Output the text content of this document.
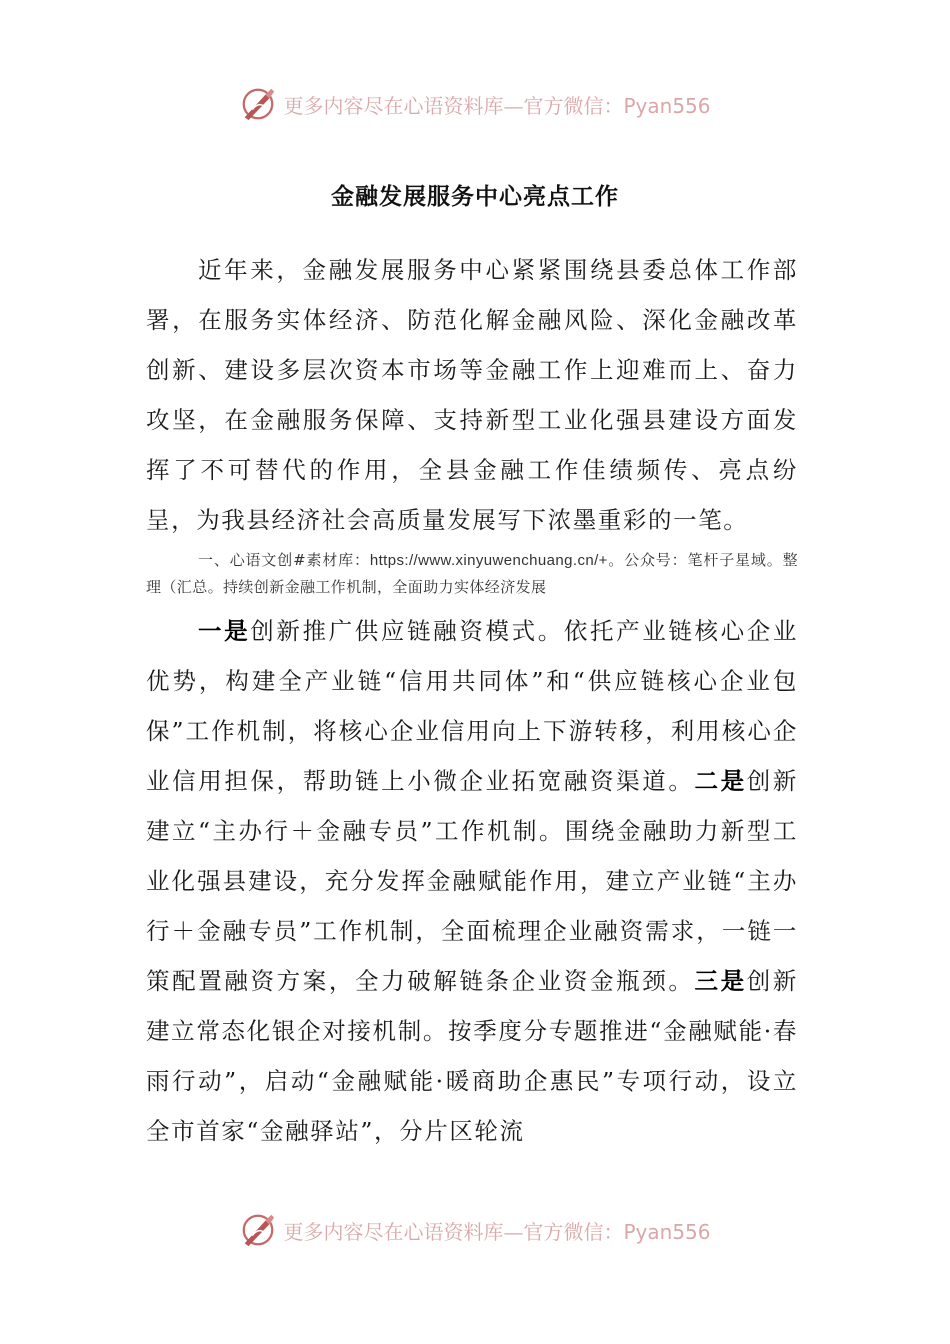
更多内容尽在心语资料库—官方微信：Pyan556
金融发展服务中心亮点工作

近年来，金融发展服务中心紧紧围绕县委总体工作部署，在服务实体经济、防范化解金融风险、深化金融改革创新、建设多层次资本市场等金融工作上迎难而上、奋力攻坚，在金融服务保障、支持新型工业化强县建设方面发挥了不可替代的作用，全县金融工作佳绩频传、亮点纷呈，为我县经济社会高质量发展写下浓墨重彩的一笔。

一、心语文创#素材库：https://www.xinyuwenchuang.cn/+。公众号：笔杆子星域。整理（汇总。持续创新金融工作机制，全面助力实体经济发展

一是创新推广供应链融资模式。依托产业链核心企业优势，构建全产业链“信用共同体”和“供应链核心企业包保”工作机制，将核心企业信用向上下游转移，利用核心企业信用担保，帮助链上小微企业拓宽融资渠道。二是创新建立“主办行＋金融专员”工作机制。围绕金融助力新型工业化强县建设，充分发挥金融赋能作用，建立产业链“主办行＋金融专员”工作机制，全面梳理企业融资需求，一链一策配置融资方案，全力破解链条企业资金瓶颈。三是创新建立常态化银企对接机制。按季度分专题推进“金融赋能·春雨行动”，启动“金融赋能·暖商助企惠民”专项行动，设立全市首家“金融驿站”，分片区轮流

更多内容尽在心语资料库—官方微信：Pyan556
